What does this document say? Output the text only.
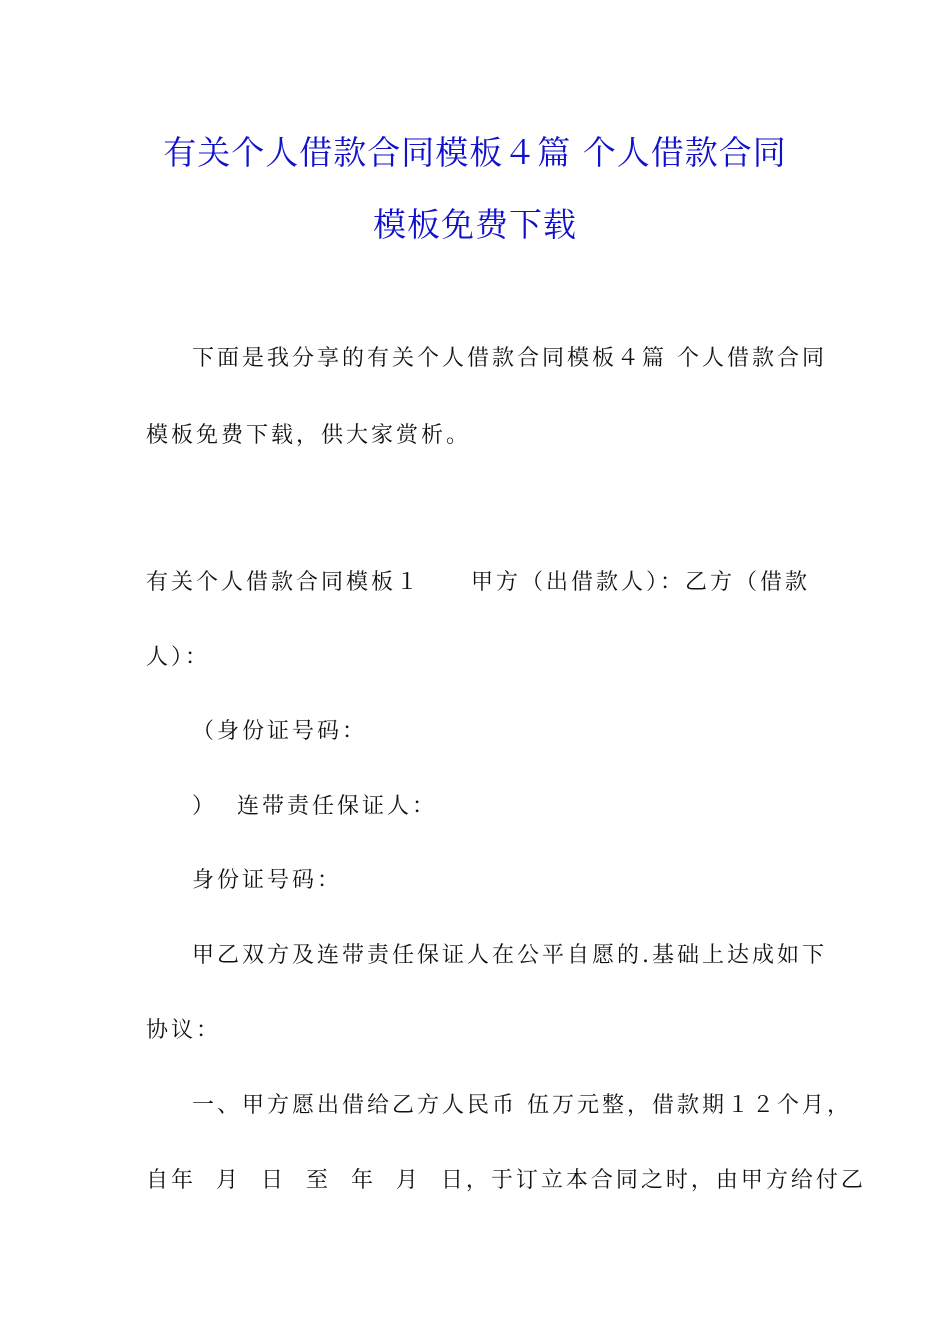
有关个人借款合同模板４篇 个人借款合同
模板免费下载
下面是我分享的有关个人借款合同模板４篇 个人借款合同
模板免费下载，供大家赏析。
有关个人借款合同模板１     甲方（出借款人）：乙方（借款
人）：
（身份证号码：
）  连带责任保证人：
身份证号码：
甲乙双方及连带责任保证人在公平自愿的.基础上达成如下
协议：
一、甲方愿出借给乙方人民币 伍万元整，借款期１２个月，
自年  月  日  至  年  月  日，于订立本合同之时，由甲方给付乙
